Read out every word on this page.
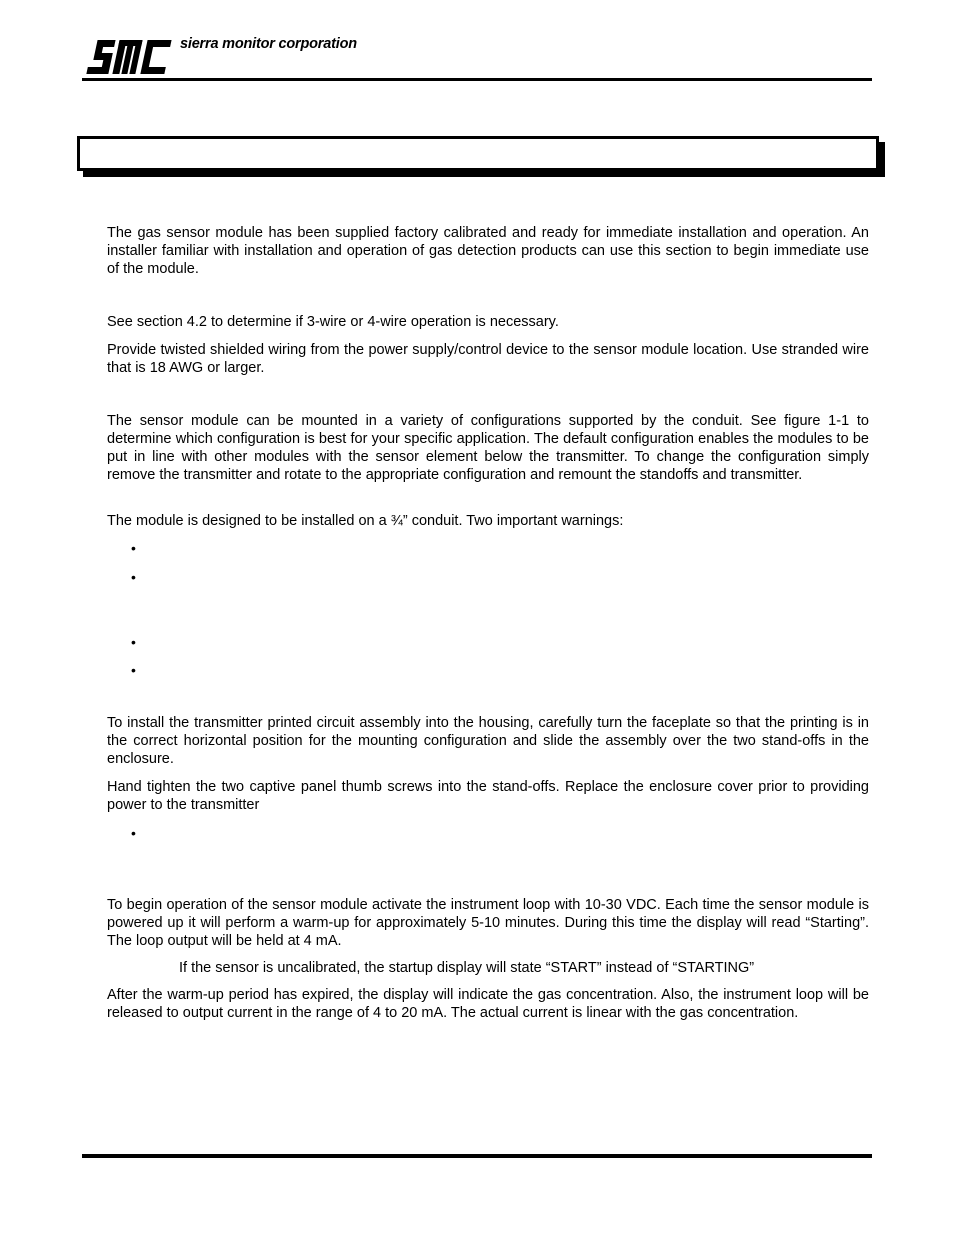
sierra monitor corporation

The gas sensor module has been supplied factory calibrated and ready for immediate installation and operation. An installer familiar with installation and operation of gas detection products can use this section to begin immediate use of the module.

See section 4.2 to determine if 3-wire or 4-wire operation is necessary.

Provide twisted shielded wiring from the power supply/control device to the sensor module location. Use stranded wire that is 18 AWG or larger.

The sensor module can be mounted in a variety of configurations supported by the conduit. See figure 1-1 to determine which configuration is best for your specific application. The default configuration enables the modules to be put in line with other modules with the sensor element below the transmitter. To change the configuration simply remove the transmitter and rotate to the appropriate configuration and remount the standoffs and transmitter.

The module is designed to be installed on a ¾” conduit. Two important warnings:

•
•
•
•

To install the transmitter printed circuit assembly into the housing, carefully turn the faceplate so that the printing is in the correct horizontal position for the mounting configuration and slide the assembly over the two stand-offs in the enclosure.

Hand tighten the two captive panel thumb screws into the stand-offs. Replace the enclosure cover prior to providing power to the transmitter

•

To begin operation of the sensor module activate the instrument loop with 10-30 VDC. Each time the sensor module is powered up it will perform a warm-up for approximately 5-10 minutes. During this time the display will read “Starting”. The loop output will be held at 4 mA.

If the sensor is uncalibrated, the startup display will state “START” instead of “STARTING”

After the warm-up period has expired, the display will indicate the gas concentration. Also, the instrument loop will be released to output current in the range of 4 to 20 mA. The actual current is linear with the gas concentration.
